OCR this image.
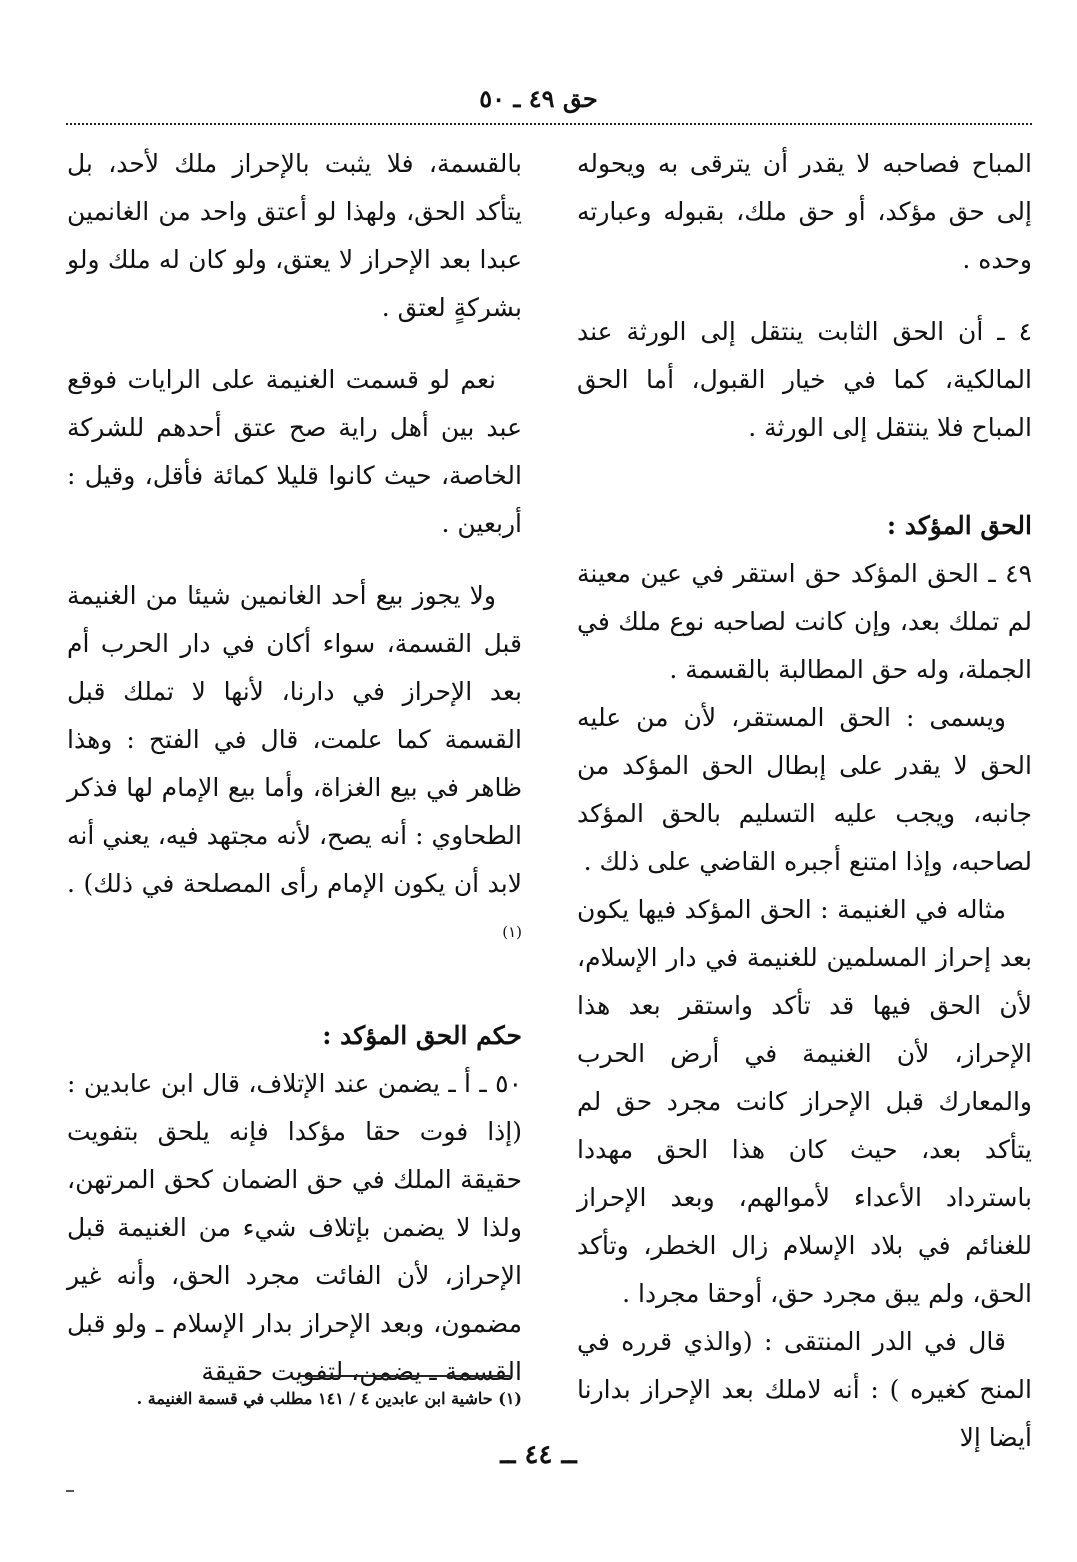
حق ٤٩ ـ ٥٠

المباح فصاحبه لا يقدر أن يترقى به ويحوله إلى حق مؤكد، أو حق ملك، بقبوله وعبارته وحده .

٤ ـ أن الحق الثابت ينتقل إلى الورثة عند المالكية، كما في خيار القبول، أما الحق المباح فلا ينتقل إلى الورثة .

الحق المؤكد :

٤٩ ـ الحق المؤكد حق استقر في عين معينة لم تملك بعد، وإن كانت لصاحبه نوع ملك في الجملة، وله حق المطالبة بالقسمة .

ويسمى : الحق المستقر، لأن من عليه الحق لا يقدر على إبطال الحق المؤكد من جانبه، ويجب عليه التسليم بالحق المؤكد لصاحبه، وإذا امتنع أجبره القاضي على ذلك .

مثاله في الغنيمة : الحق المؤكد فيها يكون بعد إحراز المسلمين للغنيمة في دار الإسلام، لأن الحق فيها قد تأكد واستقر بعد هذا الإحراز، لأن الغنيمة في أرض الحرب والمعارك قبل الإحراز كانت مجرد حق لم يتأكد بعد، حيث كان هذا الحق مهددا باسترداد الأعداء لأموالهم، وبعد الإحراز للغنائم في بلاد الإسلام زال الخطر، وتأكد الحق، ولم يبق مجرد حق، أوحقا مجردا .

قال في الدر المنتقى : (والذي قرره في المنح كغيره ) : أنه لاملك بعد الإحراز بدارنا أيضا إلا

بالقسمة، فلا يثبت بالإحراز ملك لأحد، بل يتأكد الحق، ولهذا لو أعتق واحد من الغانمين عبدا بعد الإحراز لا يعتق، ولو كان له ملك ولو بشركةٍ لعتق .

نعم لو قسمت الغنيمة على الرايات فوقع عبد بين أهل راية صح عتق أحدهم للشركة الخاصة، حيث كانوا قليلا كمائة فأقل، وقيل : أربعين .

ولا يجوز بيع أحد الغانمين شيئا من الغنيمة قبل القسمة، سواء أكان في دار الحرب أم بعد الإحراز في دارنا، لأنها لا تملك قبل القسمة كما علمت، قال في الفتح : وهذا ظاهر في بيع الغزاة، وأما بيع الإمام لها فذكر الطحاوي : أنه يصح، لأنه مجتهد فيه، يعني أنه لابد أن يكون الإمام رأى المصلحة في ذلك) . $^{(١)}$

حكم الحق المؤكد :

٥٠ ـ أ ـ يضمن عند الإتلاف، قال ابن عابدين : (إذا فوت حقا مؤكدا فإنه يلحق بتفويت حقيقة الملك في حق الضمان كحق المرتهن، ولذا لا يضمن بإتلاف شيء من الغنيمة قبل الإحراز، لأن الفائت مجرد الحق، وأنه غير مضمون، وبعد الإحراز بدار الإسلام ـ ولو قبل القسمة ـ يضمن، لتفويت حقيقة

(١) حاشية ابن عابدين ٤ / ١٤١ مطلب في قسمة الغنيمة .
ــ ٤٤ ــ
